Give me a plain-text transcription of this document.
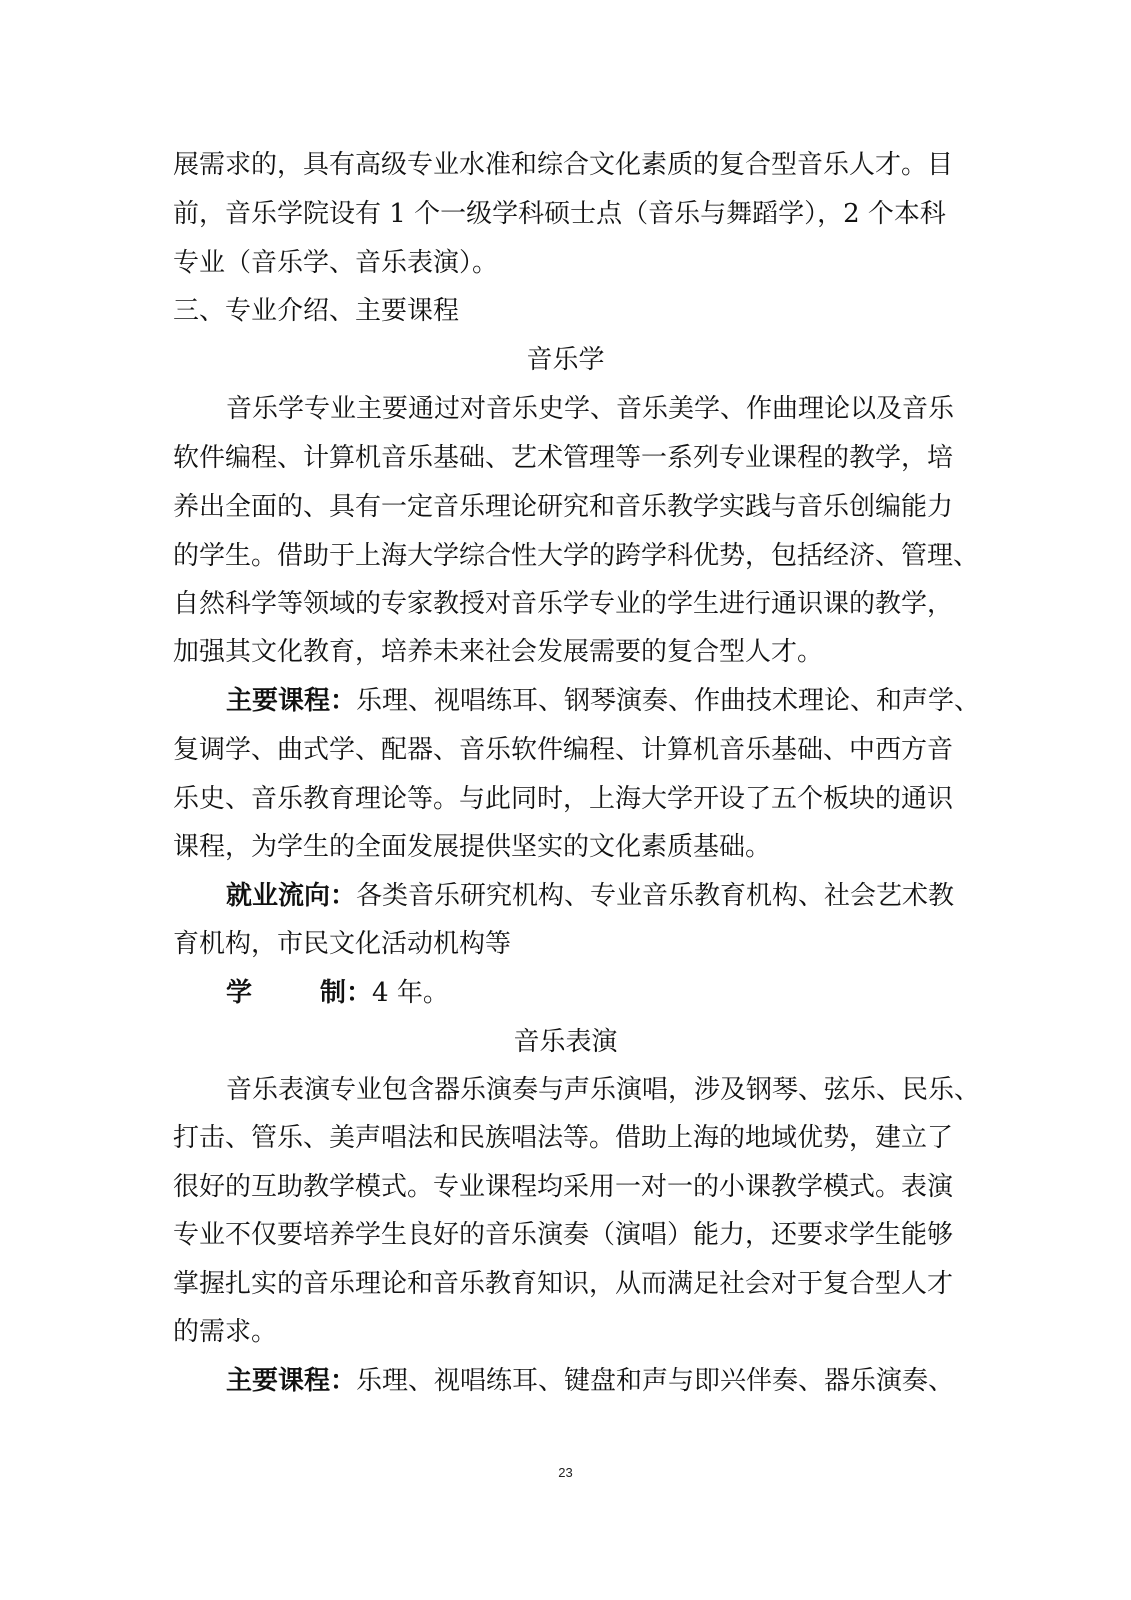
展需求的，具有高级专业水准和综合文化素质的复合型音乐人才。目
前，音乐学院设有 1 个一级学科硕士点（音乐与舞蹈学），2 个本科
专业（音乐学、音乐表演）。
三、专业介绍、主要课程
音乐学
音乐学专业主要通过对音乐史学、音乐美学、作曲理论以及音乐
软件编程、计算机音乐基础、艺术管理等一系列专业课程的教学，培
养出全面的、具有一定音乐理论研究和音乐教学实践与音乐创编能力
的学生。借助于上海大学综合性大学的跨学科优势，包括经济、管理、
自然科学等领域的专家教授对音乐学专业的学生进行通识课的教学，
加强其文化教育，培养未来社会发展需要的复合型人才。
主要课程：乐理、视唱练耳、钢琴演奏、作曲技术理论、和声学、
复调学、曲式学、配器、音乐软件编程、计算机音乐基础、中西方音
乐史、音乐教育理论等。与此同时，上海大学开设了五个板块的通识
课程，为学生的全面发展提供坚实的文化素质基础。
就业流向：各类音乐研究机构、专业音乐教育机构、社会艺术教
育机构，市民文化活动机构等
学	制：4 年。
音乐表演
音乐表演专业包含器乐演奏与声乐演唱，涉及钢琴、弦乐、民乐、
打击、管乐、美声唱法和民族唱法等。借助上海的地域优势，建立了
很好的互助教学模式。专业课程均采用一对一的小课教学模式。表演
专业不仅要培养学生良好的音乐演奏（演唱）能力，还要求学生能够
掌握扎实的音乐理论和音乐教育知识，从而满足社会对于复合型人才
的需求。
主要课程：乐理、视唱练耳、键盘和声与即兴伴奏、器乐演奏、
23
